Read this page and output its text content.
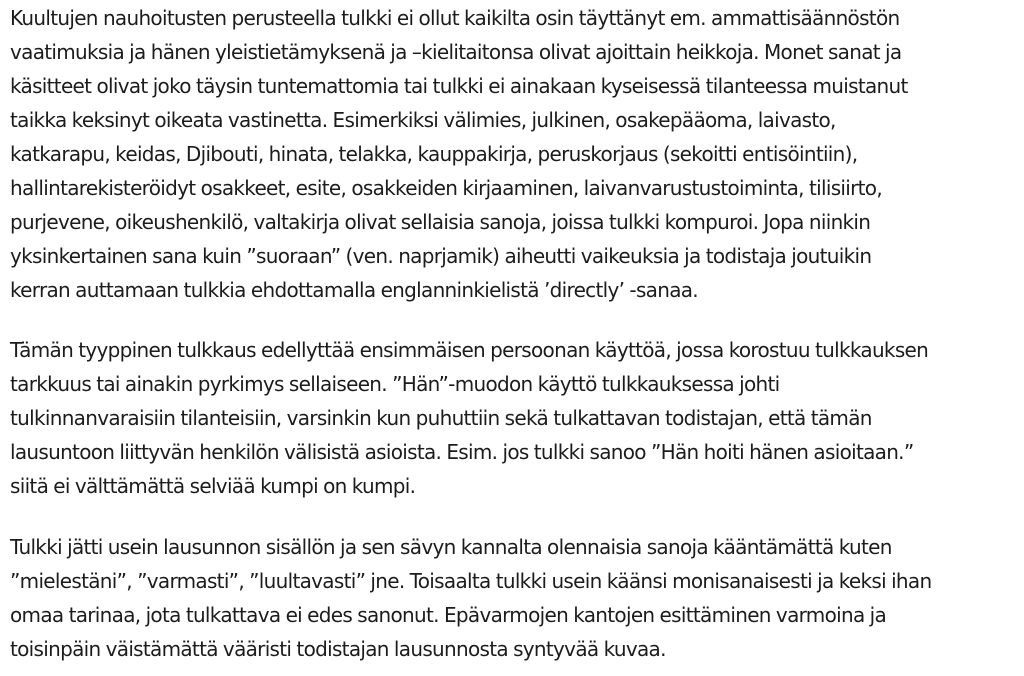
Kuultujen nauhoitusten perusteella tulkki ei ollut kaikilta osin täyttänyt em. ammattisäännöstön

vaatimuksia ja hänen yleistietämyksenä ja –kielitaitonsa olivat ajoittain heikkoja. Monet sanat ja

käsitteet olivat joko täysin tuntemattomia tai tulkki ei ainakaan kyseisessä tilanteessa muistanut

taikka keksinyt oikeata vastinetta. Esimerkiksi välimies, julkinen, osakepääoma, laivasto,

katkarapu, keidas, Djibouti, hinata, telakka, kauppakirja, peruskorjaus (sekoitti entisöintiin),

hallintarekisteröidyt osakkeet, esite, osakkeiden kirjaaminen, laivanvarustustoiminta, tilisiirto,

purjevene, oikeushenkilö, valtakirja olivat sellaisia sanoja, joissa tulkki kompuroi. Jopa niinkin

yksinkertainen sana kuin ”suoraan” (ven. naprjamik) aiheutti vaikeuksia ja todistaja joutuikin

kerran auttamaan tulkkia ehdottamalla englanninkielistä ’directly’ -sanaa.

Tämän tyyppinen tulkkaus edellyttää ensimmäisen persoonan käyttöä, jossa korostuu tulkkauksen

tarkkuus tai ainakin pyrkimys sellaiseen. ”Hän”-muodon käyttö tulkkauksessa johti

tulkinnanvaraisiin tilanteisiin, varsinkin kun puhuttiin sekä tulkattavan todistajan, että tämän

lausuntoon liittyvän henkilön välisistä asioista. Esim. jos tulkki sanoo ”Hän hoiti hänen asioitaan.”

siitä ei välttämättä selviää kumpi on kumpi.

Tulkki jätti usein lausunnon sisällön ja sen sävyn kannalta olennaisia sanoja kääntämättä kuten

”mielestäni”, ”varmasti”, ”luultavasti” jne. Toisaalta tulkki usein käänsi monisanaisesti ja keksi ihan

omaa tarinaa, jota tulkattava ei edes sanonut. Epävarmojen kantojen esittäminen varmoina ja

toisinpäin väistämättä vääristi todistajan lausunnosta syntyvää kuvaa.
